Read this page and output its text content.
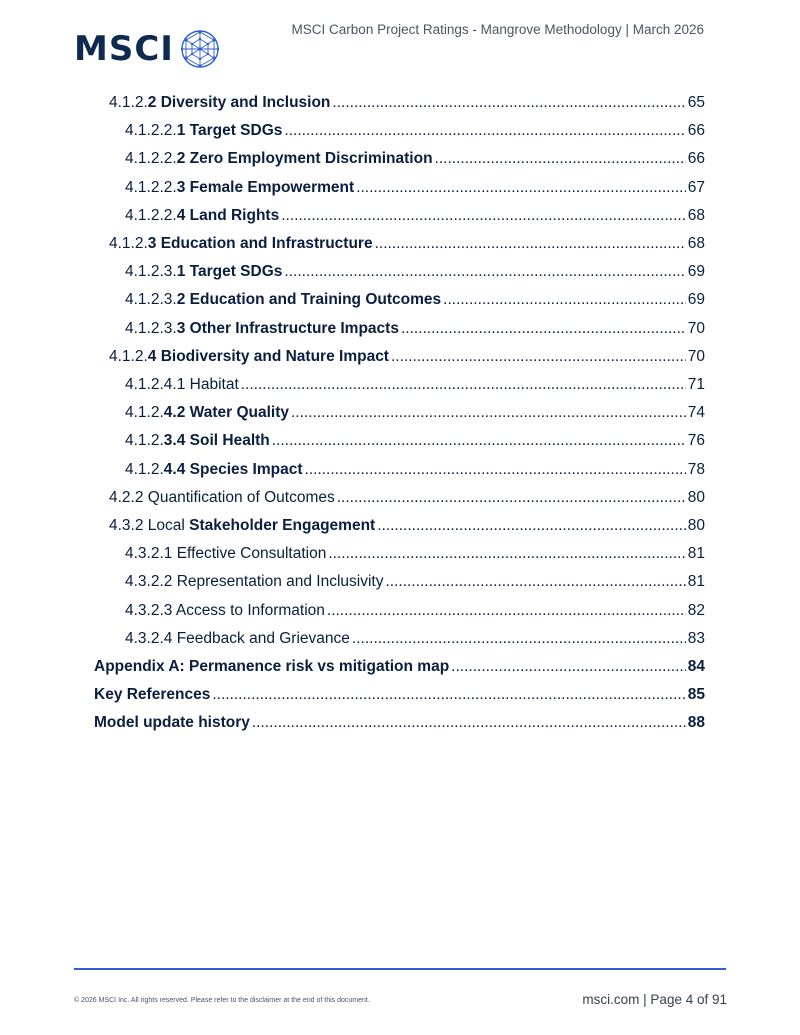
MSCI	MSCI Carbon Project Ratings - Mangrove Methodology | March 2026
4.1.2.2 Diversity and Inclusion .....	65
4.1.2.2.1 Target SDGs .....	66
4.1.2.2.2 Zero Employment Discrimination .....	66
4.1.2.2.3 Female Empowerment .....	67
4.1.2.2.4 Land Rights .....	68
4.1.2.3 Education and Infrastructure .....	68
4.1.2.3.1 Target SDGs .....	69
4.1.2.3.2 Education and Training Outcomes .....	69
4.1.2.3.3 Other Infrastructure Impacts .....	70
4.1.2.4 Biodiversity and Nature Impact .....	70
4.1.2.4.1 Habitat .....	71
4.1.2.4.2 Water Quality .....	74
4.1.2.3.4 Soil Health .....	76
4.1.2.4.4 Species Impact .....	78
4.2.2 Quantification of Outcomes .....	80
4.3.2 Local Stakeholder Engagement .....	80
4.3.2.1 Effective Consultation .....	81
4.3.2.2 Representation and Inclusivity .....	81
4.3.2.3 Access to Information .....	82
4.3.2.4 Feedback and Grievance .....	83
Appendix A: Permanence risk vs mitigation map .....	84
Key References .....	85
Model update history .....	88
© 2026 MSCI Inc. All rights reserved. Please refer to the disclaimer at the end of this document.	msci.com | Page 4 of 91
